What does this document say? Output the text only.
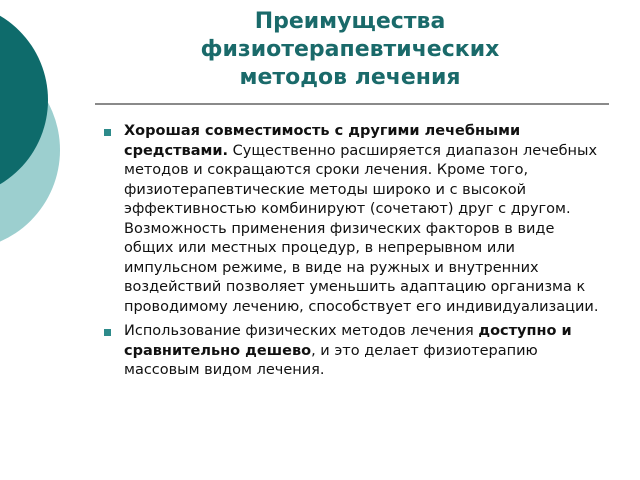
Преимущества
физиотерапевтических
методов лечения
Хорошая совместимость с другими лечебными средствами. Существенно расширяется диапазон лечебных методов и сокращаются сроки лечения. Кроме того, физиотерапевтические методы широко и с высокой эффективностью комбинируют (сочетают) друг с другом. Возможность применения физических факторов в виде общих или местных процедур, в непрерывном или импульсном режиме, в виде на ружных и внутренних воздействий позволяет уменьшить адаптацию организма к проводимому лечению, способствует его индивидуализации.
Использование физических методов лечения доступно и сравнительно дешево, и это делает физиотерапию массовым видом лечения.
